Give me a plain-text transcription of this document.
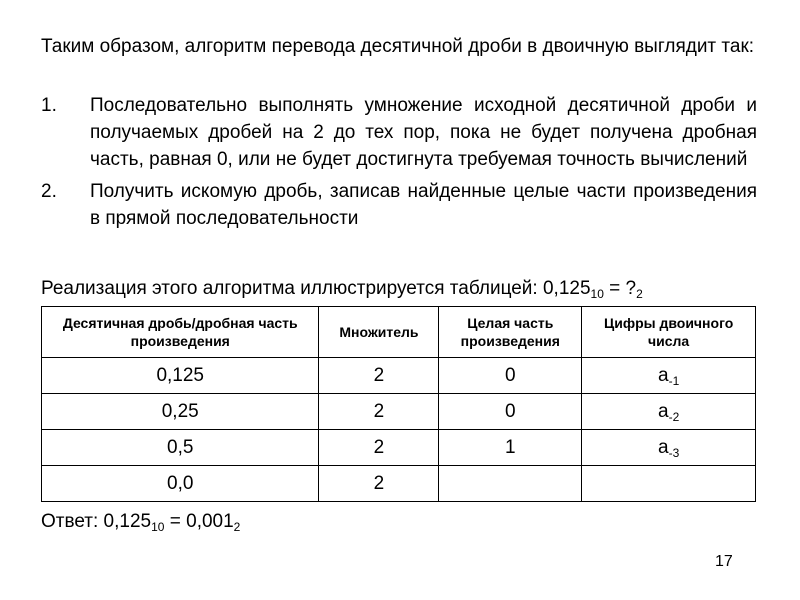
Таким образом, алгоритм перевода десятичной дроби в двоичную выглядит так:

1. Последовательно выполнять умножение исходной десятичной дроби и получаемых дробей на 2 до тех пор, пока не будет получена дробная часть, равная 0, или не будет достигнута требуемая точность вычислений
2. Получить искомую дробь, записав найденные целые части произведения в прямой последовательности

Реализация этого алгоритма иллюстрируется таблицей: $0,125_{10}$ = $?_2$

Десятичная дробь/дробная часть произведения	Множитель	Целая часть произведения	Цифры двоичного числа
0,125	2	0	$a_{-1}$
0,25	2	0	$a_{-2}$
0,5	2	1	$a_{-3}$
0,0	2		

Ответ: $0,125_{10} = 0,001_2$

17
